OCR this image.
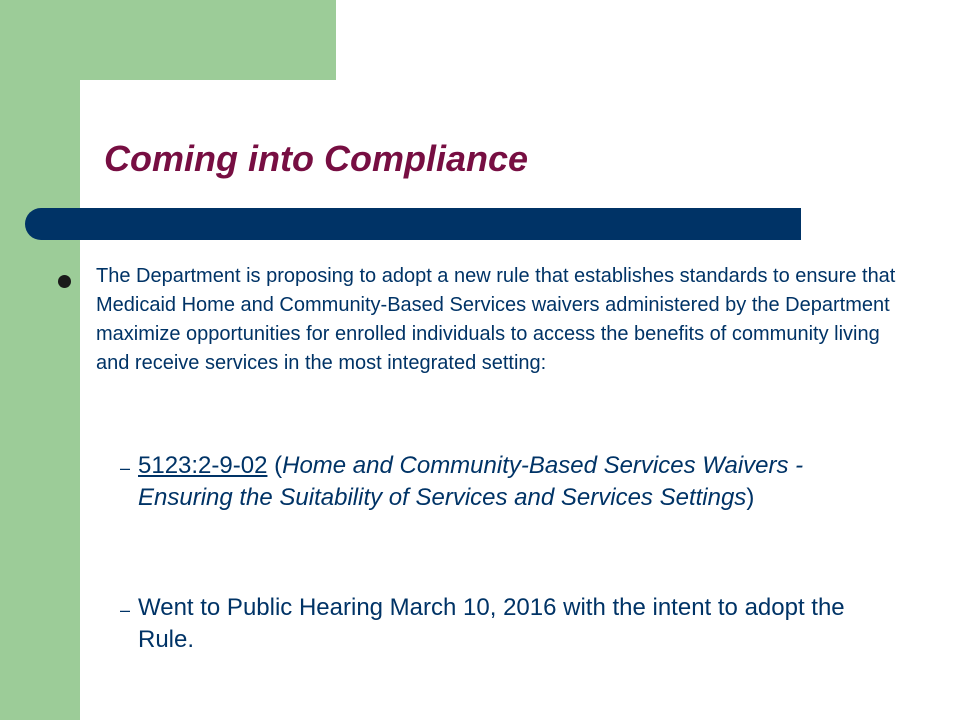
Coming into Compliance

The Department is proposing to adopt a new rule that establishes standards to ensure that Medicaid Home and Community-Based Services waivers administered by the Department maximize opportunities for enrolled individuals to access the benefits of community living and receive services in the most integrated setting:

– 5123:2-9-02 (Home and Community-Based Services Waivers - Ensuring the Suitability of Services and Services Settings)

– Went to Public Hearing March 10, 2016 with the intent to adopt the Rule.
